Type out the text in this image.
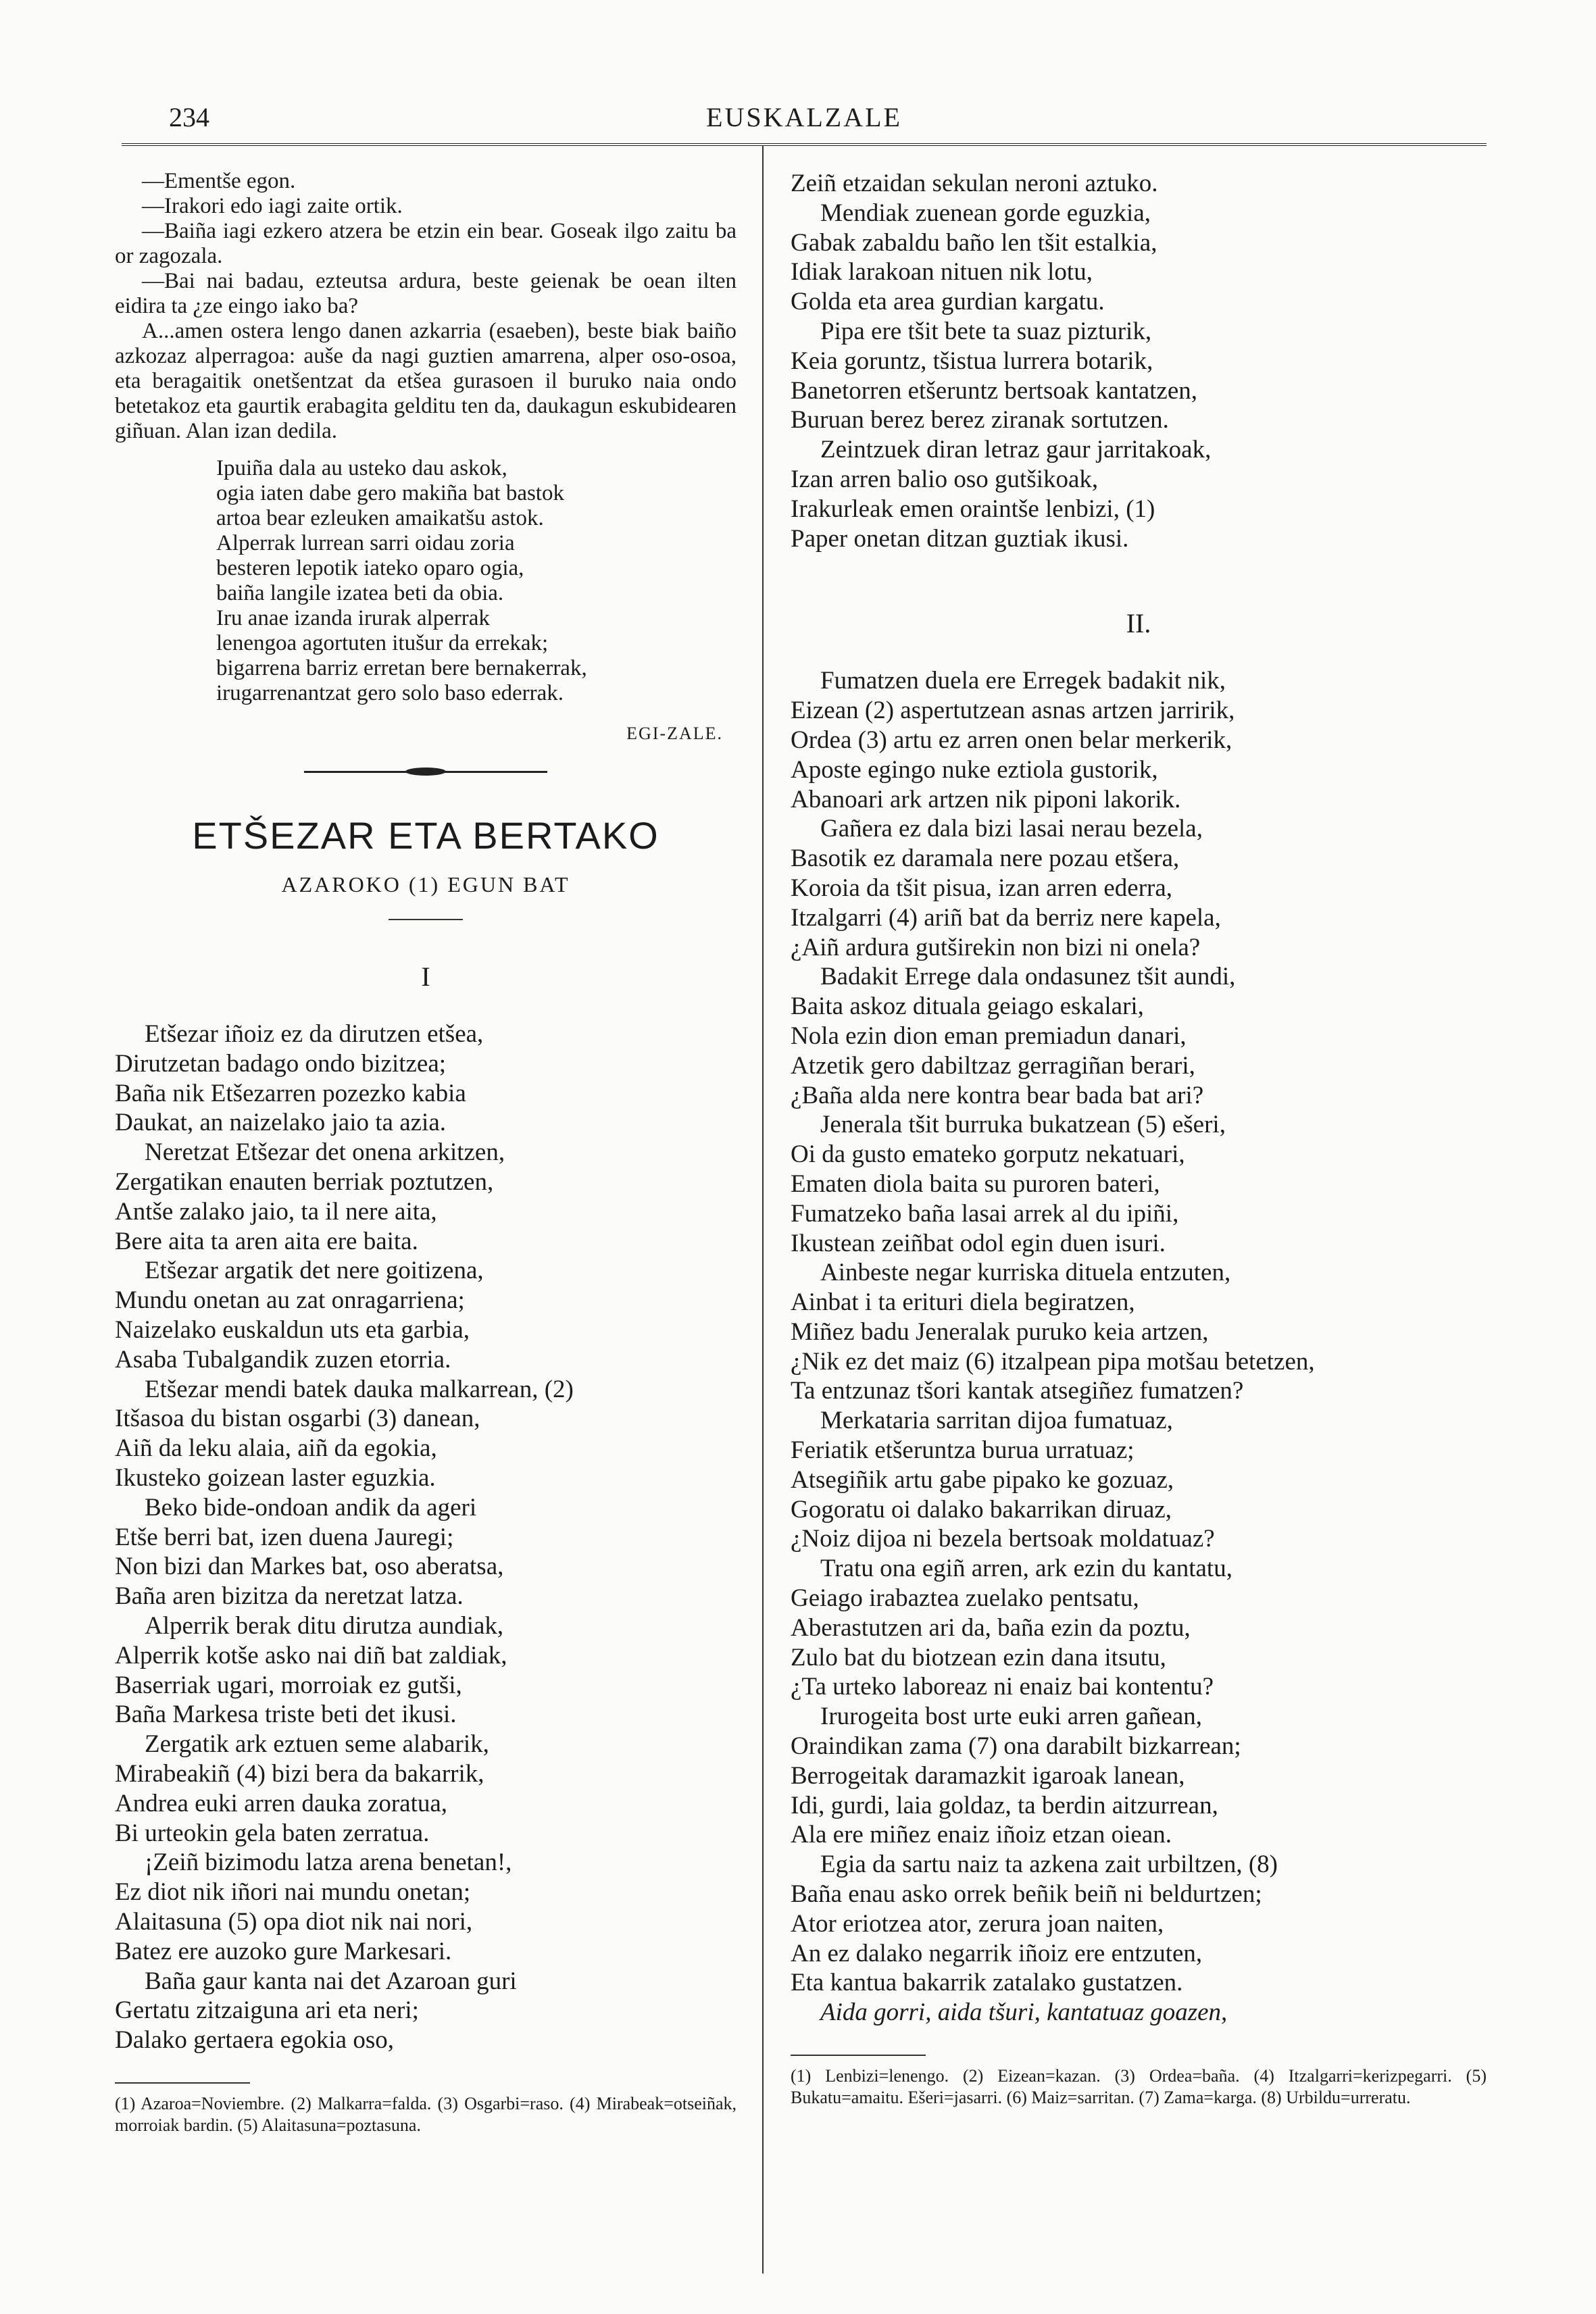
234	EUSKALZALE

—Ementše egon.

—Irakori edo iagi zaite ortik.

—Baiña iagi ezkero atzera be etzin ein bear. Goseak ilgo zaitu ba or zagozala.

—Bai nai badau, ezteutsa ardura, beste geienak be oean ilten eidira ta ¿ze eingo iako ba?

A...amen ostera lengo danen azkarria (esaeben), beste biak baiño azkozaz alperragoa: auše da nagi guztien amarrena, alper oso-osoa, eta beragaitik onetšentzat da etšea gurasoen il buruko naia ondo betetakoz eta gaurtik erabagita gelditu ten da, daukagun eskubidearen giñuan. Alan izan dedila.

Ipuiña dala au usteko dau askok,
ogia iaten dabe gero makiña bat bastok
artoa bear ezleuken amaikatšu astok.
Alperrak lurrean sarri oidau zoria
besteren lepotik iateko oparo ogia,
baiña langile izatea beti da obia.
Iru anae izanda irurak alperrak
lenengoa agortuten itušur da errekak;
bigarrena barriz erretan bere bernakerrak,
irugarrenantzat gero solo baso ederrak.
EGI-ZALE.
ETŠEZAR ETA BERTAKO
AZAROKO (1) EGUN BAT
I
Etšezar iñoiz ez da dirutzen etšea,
Dirutzetan badago ondo bizitzea;
Baña nik Etšezarren pozezko kabia
Daukat, an naizelako jaio ta azia.
Neretzat Etšezar det onena arkitzen,
Zergatikan enauten berriak poztutzen,
Antše zalako jaio, ta il nere aita,
Bere aita ta aren aita ere baita.
Etšezar argatik det nere goitizena,
Mundu onetan au zat onragarriena;
Naizelako euskaldun uts eta garbia,
Asaba Tubalgandik zuzen etorria.
Etšezar mendi batek dauka malkarrean, (2)
Itšasoa du bistan osgarbi (3) danean,
Aiñ da leku alaia, aiñ da egokia,
Ikusteko goizean laster eguzkia.
Beko bide-ondoan andik da ageri
Etše berri bat, izen duena Jauregi;
Non bizi dan Markes bat, oso aberatsa,
Baña aren bizitza da neretzat latza.
Alperrik berak ditu dirutza aundiak,
Alperrik kotše asko nai diñ bat zaldiak,
Baserriak ugari, morroiak ez gutši,
Baña Markesa triste beti det ikusi.
Zergatik ark eztuen seme alabarik,
Mirabeakiñ (4) bizi bera da bakarrik,
Andrea euki arren dauka zoratua,
Bi urteokin gela baten zerratua.
¡Zeiñ bizimodu latza arena benetan!,
Ez diot nik iñori nai mundu onetan;
Alaitasuna (5) opa diot nik nai nori,
Batez ere auzoko gure Markesari.
Baña gaur kanta nai det Azaroan guri
Gertatu zitzaiguna ari eta neri;
Dalako gertaera egokia oso,
(1) Azaroa=Noviembre. (2) Malkarra=falda. (3) Osgarbi=raso. (4) Mirabeak=otseiñak, morroiak bardin. (5) Alaitasuna=poztasuna.
Zeiñ etzaidan sekulan neroni aztuko.
Mendiak zuenean gorde eguzkia,
Gabak zabaldu baño len tšit estalkia,
Idiak larakoan nituen nik lotu,
Golda eta area gurdian kargatu.
Pipa ere tšit bete ta suaz pizturik,
Keia goruntz, tšistua lurrera botarik,
Banetorren etšeruntz bertsoak kantatzen,
Buruan berez berez ziranak sortutzen.
Zeintzuek diran letraz gaur jarritakoak,
Izan arren balio oso gutšikoak,
Irakurleak emen oraintše lenbizi, (1)
Paper onetan ditzan guztiak ikusi.
II.
Fumatzen duela ere Erregek badakit nik,
Eizean (2) aspertutzean asnas artzen jarririk,
Ordea (3) artu ez arren onen belar merkerik,
Aposte egingo nuke eztiola gustorik,
Abanoari ark artzen nik piponi lakorik.
Gañera ez dala bizi lasai nerau bezela,
Basotik ez daramala nere pozau etšera,
Koroia da tšit pisua, izan arren ederra,
Itzalgarri (4) ariñ bat da berriz nere kapela,
¿Aiñ ardura gutširekin non bizi ni onela?
Badakit Errege dala ondasunez tšit aundi,
Baita askoz dituala geiago eskalari,
Nola ezin dion eman premiadun danari,
Atzetik gero dabiltzaz gerragiñan berari,
¿Baña alda nere kontra bear bada bat ari?
Jenerala tšit burruka bukatzean (5) ešeri,
Oi da gusto emateko gorputz nekatuari,
Ematen diola baita su puroren bateri,
Fumatzeko baña lasai arrek al du ipiñi,
Ikustean zeiñbat odol egin duen isuri.
Ainbeste negar kurriska dituela entzuten,
Ainbat i ta erituri diela begiratzen,
Miñez badu Jeneralak puruko keia artzen,
¿Nik ez det maiz (6) itzalpean pipa motšau betetzen,
Ta entzunaz tšori kantak atsegiñez fumatzen?
Merkataria sarritan dijoa fumatuaz,
Feriatik etšeruntza burua urratuaz;
Atsegiñik artu gabe pipako ke gozuaz,
Gogoratu oi dalako bakarrikan diruaz,
¿Noiz dijoa ni bezela bertsoak moldatuaz?
Tratu ona egiñ arren, ark ezin du kantatu,
Geiago irabaztea zuelako pentsatu,
Aberastutzen ari da, baña ezin da poztu,
Zulo bat du biotzean ezin dana itsutu,
¿Ta urteko laboreaz ni enaiz bai kontentu?
Irurogeita bost urte euki arren gañean,
Oraindikan zama (7) ona darabilt bizkarrean;
Berrogeitak daramazkit igaroak lanean,
Idi, gurdi, laia goldaz, ta berdin aitzurrean,
Ala ere miñez enaiz iñoiz etzan oiean.
Egia da sartu naiz ta azkena zait urbiltzen, (8)
Baña enau asko orrek beñik beiñ ni beldurtzen;
Ator eriotzea ator, zerura joan naiten,
An ez dalako negarrik iñoiz ere entzuten,
Eta kantua bakarrik zatalako gustatzen.
Aida gorri, aida tšuri, kantatuaz goazen,
(1) Lenbizi=lenengo. (2) Eizean=kazan. (3) Ordea=baña. (4) Itzalgarri=kerizpegarri. (5) Bukatu=amaitu. Ešeri=jasarri. (6) Maiz=sarritan. (7) Zama=karga. (8) Urbildu=urreratu.
